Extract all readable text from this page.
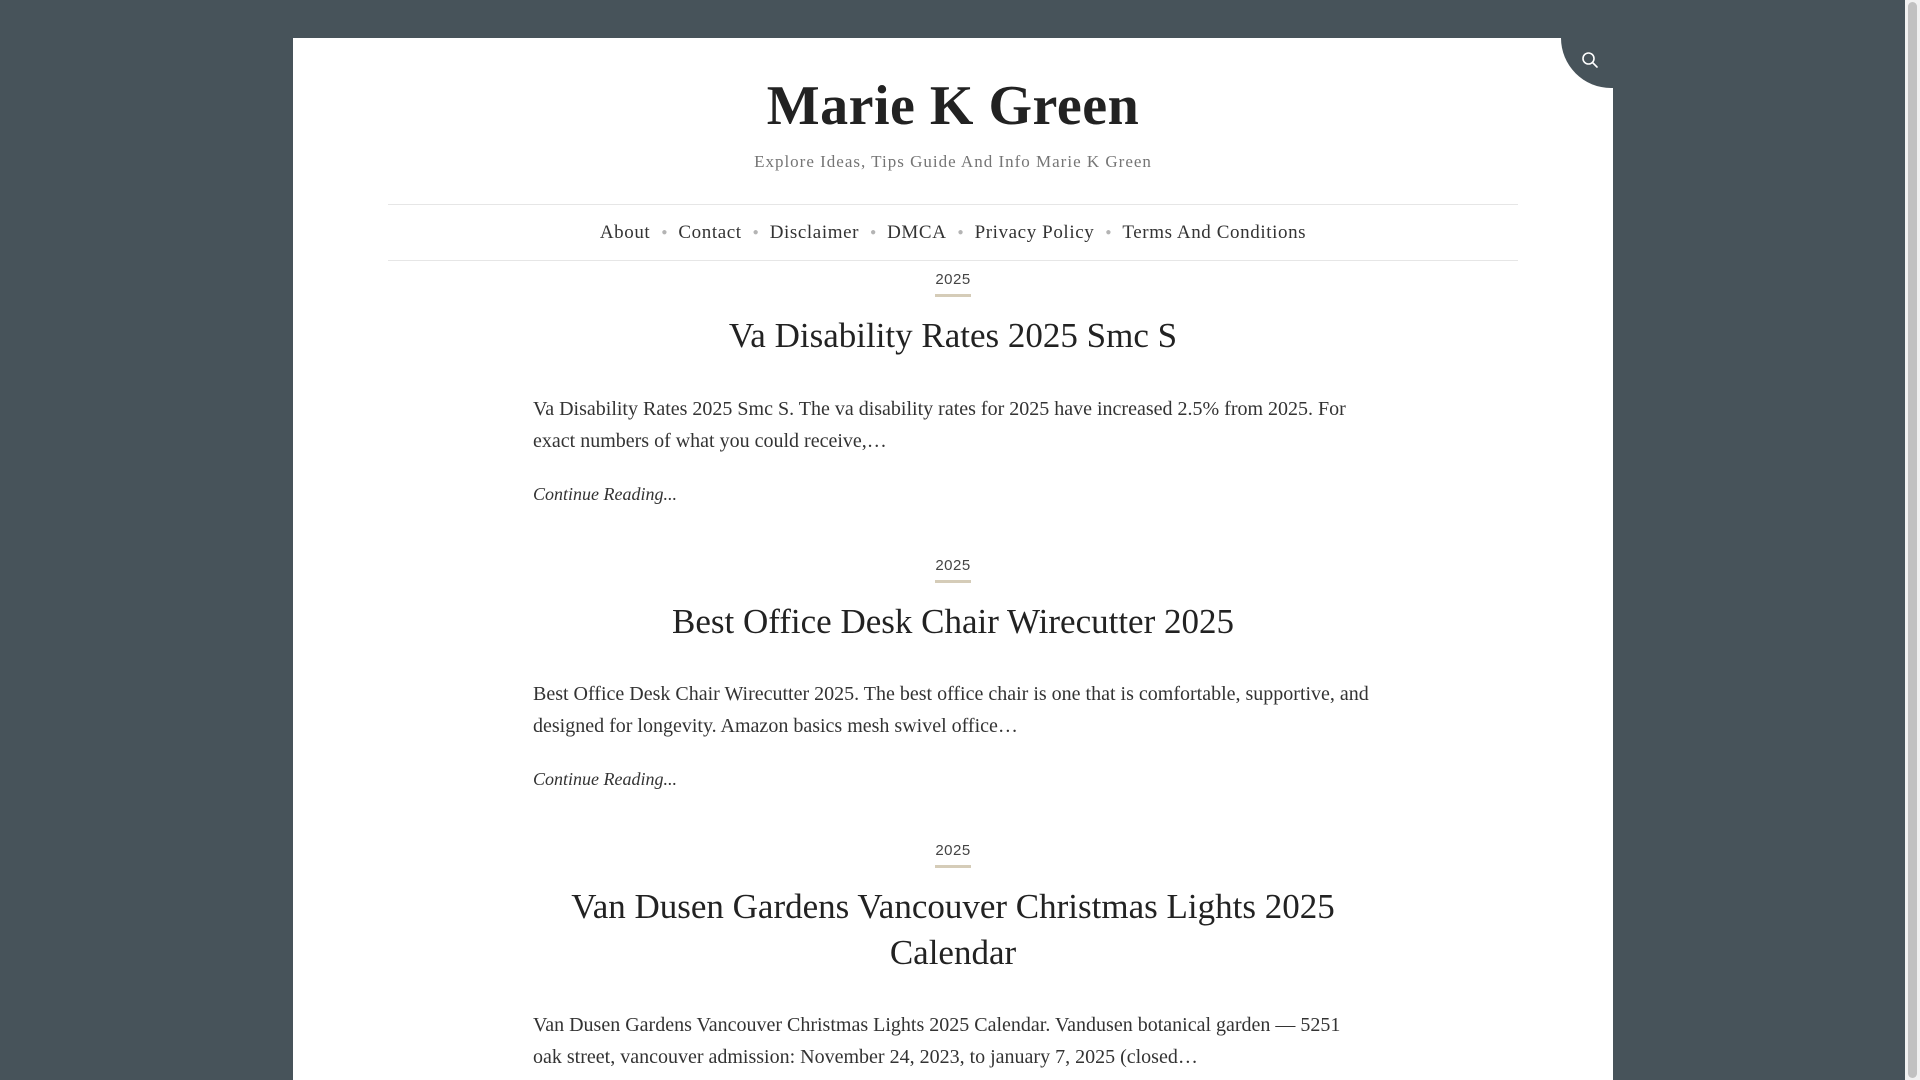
Marie K Green
Explore Ideas, Tips Guide And Info Marie K Green
About ● Contact ● Disclaimer ● DMCA ● Privacy Policy ● Terms And Conditions
2025
Va Disability Rates 2025 Smc S

Va Disability Rates 2025 Smc S. The va disability rates for 2025 have increased 2.5% from 2025. For exact numbers of what you could receive,…

Continue Reading...
2025
Best Office Desk Chair Wirecutter 2025

Best Office Desk Chair Wirecutter 2025. The best office chair is one that is comfortable, supportive, and designed for longevity. Amazon basics mesh swivel office…

Continue Reading...
2025
Van Dusen Gardens Vancouver Christmas Lights 2025 Calendar

Van Dusen Gardens Vancouver Christmas Lights 2025 Calendar. Vandusen botanical garden — 5251 oak street, vancouver admission: November 24, 2023, to january 7, 2025 (closed…
